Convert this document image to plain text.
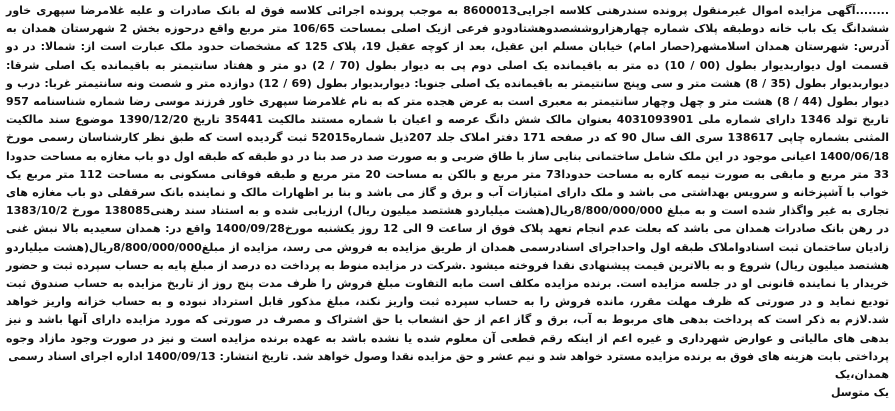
........آگهی مزایده اموال غیرمنقول پرونده سندرهنی کلاسه اجرایی8600013 به موجب پرونده اجرائی کلاسه فوق له بانک صادرات و علیه غلامرضا سپهری خاور ششدانگ یک باب خانه دوطبقه پلاک شماره چهارهزاروششصدوهشتادودو فرعی ازیک اصلی بمساحت 106/65 متر مربع واقع درحوزه بخش 2 شهرستان همدان به آدرس: شهرستان همدان اسلامشهر(حصار امام) خیابان مسلم ابن عقیل، بعد از کوچه عقیل 19، پلاک 125 که مشخصات حدود ملک عبارت است از: شمالا: در دو قسمت اول دیواربدیوار بطول (00 / 10) ده متر به باقیمانده یک اصلی دوم پی به دیوار بطول (70 / 2) دو متر و هفتاد سانتیمتر به باقیمانده یک اصلی شرقا: دیواربدیوار بطول (35 / 8) هشت متر و سی وپنج سانتیمتر به باقیمانده یک اصلی جنوبا: دیواربدیوار بطول (69 / 12) دوازده متر و شصت ونه سانتیمتر غربا: درب و دیوار بطول (44 / 8) هشت متر و چهل وچهار سانتیمتر به معبری است به عرض هجده متر که به نام غلامرضا سپهری خاور فرزند موسی رضا شماره شناسنامه 957 تاریخ تولد 1346 دارای شماره ملی 4031093901 بعنوان مالک شش دانگ عرصه و اعیان با شماره مستند مالکیت 35441 تاریخ 1390/12/20 موضوع سند مالکیت المثنی بشماره چاپی 138617 سری الف سال 90 که در صفحه 171 دفتر املاک جلد 207ذیل شماره52015 ثبت گردیده است که طبق نظر کارشناسان رسمی مورخ 1400/06/18 اعیانی موجود در این ملک شامل ساختمانی بنایی ساز با طاق ضربی و به صورت صد در صد بنا در دو طبقه که طبقه اول دو باب مغازه به مساحت حدودا 33 متر مربع و مابقی به صورت نیمه کاره به مساحت حدودا73 متر مربع و بالکن به مساحت 20 متر مربع و طبقه فوقانی مسکونی به مساحت 112 متر مربع یک خواب با آشپزخانه و سرویس بهداشتی می باشد و ملک دارای امتیازات آب و برق و گاز می باشد و بنا بر اظهارات مالک و نماینده بانک سرقفلی دو باب مغازه های تجاری به غیر واگذار شده است و به مبلغ 8/800/000/000ریال(هشت میلیاردو هشتصد میلیون ریال) ارزیابی شده و به استناد سند رهنی138085 مورخ 1383/10/2 در رهن بانک صادرات همدان می باشد که بعلت عدم انجام تعهد پلاک فوق از ساعت 9 الی 12 روز یکشنبه مورخ1400/09/28 واقع در: همدان سعیدیه بالا نبش غنی زادیان ساختمان ثبت اسنادواملاک طبقه اول واحداجرای اسنادرسمی همدان از طریق مزایده به فروش می رسد، مزایده از مبلغ8/800/000/000ریال(هشت میلیاردو هشتصد میلیون ریال) شروع و به بالاترین قیمت پیشنهادی نقدا فروخته میشود .شرکت در مزایده منوط به پرداخت ده درصد از مبلغ پایه به حساب سپرده ثبت و حضور خریدار یا نماینده قانونی او در جلسه مزایده است. برنده مزایده مکلف است مابه التفاوت مبلغ فروش را ظرف مدت پنج روز از تاریخ مزایده به حساب صندوق ثبت تودیع نماید و در صورتی که ظرف مهلت مقرر، مانده فروش را به حساب سپرده ثبت واریز نکند، مبلغ مذکور قابل استرداد نبوده و به حساب خزانه واریز خواهد شد.لازم به ذکر است که پرداخت بدهی های مربوط به آب، برق و گاز اعم از حق انشعاب یا حق اشتراک و مصرف در صورتی که مورد مزایده دارای آنها باشد و نیز بدهی های مالیاتی و عوارض شهرداری و غیره اعم از اینکه رقم قطعی آن معلوم شده یا نشده باشد به عهده برنده مزایده است و نیز در صورت وجود مازاد وجوه پرداختی بابت هزینه های فوق به برنده مزایده مسترد خواهد شد و نیم عشر و حق مزایده نقدا وصول خواهد شد. تاریخ انتشار: 1400/09/13 اداره اجرای اسناد رسمی

همدان،یک

یک متوسل
